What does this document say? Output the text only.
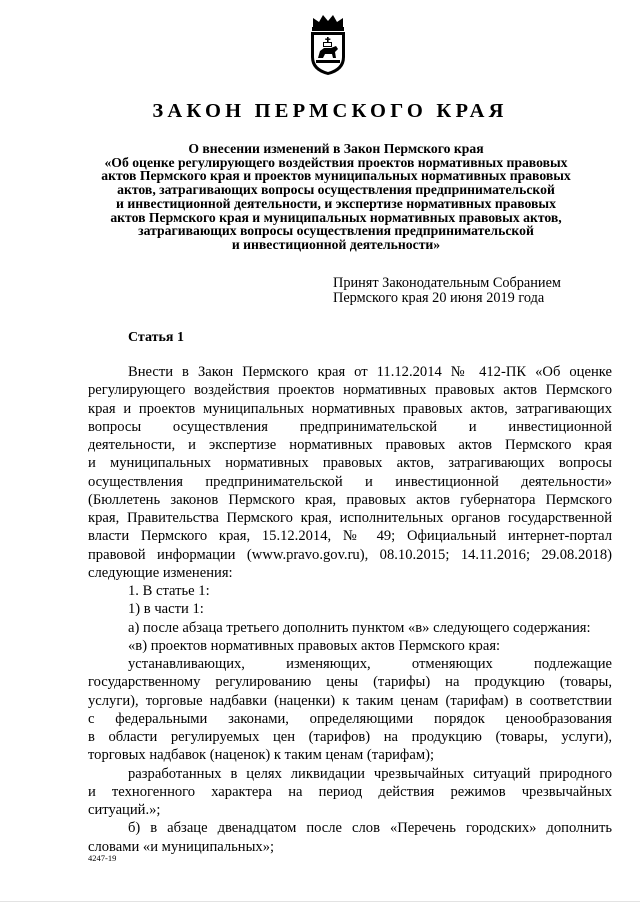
ЗАКОН ПЕРМСКОГО КРАЯ
О внесении изменений в Закон Пермского края
«Об оценке регулирующего воздействия проектов нормативных правовых
актов Пермского края и проектов муниципальных нормативных правовых
актов, затрагивающих вопросы осуществления предпринимательской
и инвестиционной деятельности, и экспертизе нормативных правовых
актов Пермского края и муниципальных нормативных правовых актов,
затрагивающих вопросы осуществления предпринимательской
и инвестиционной деятельности»
Принят Законодательным Собранием
Пермского края 20 июня 2019 года
Статья 1
Внести в Закон Пермского края от 11.12.2014 № 412-ПК «Об оценке
регулирующего воздействия проектов нормативных правовых актов Пермского
края и проектов муниципальных нормативных правовых актов, затрагивающих
вопросы осуществления предпринимательской и инвестиционной
деятельности, и экспертизе нормативных правовых актов Пермского края
и муниципальных нормативных правовых актов, затрагивающих вопросы
осуществления предпринимательской и инвестиционной деятельности»
(Бюллетень законов Пермского края, правовых актов губернатора Пермского
края, Правительства Пермского края, исполнительных органов государственной
власти Пермского края, 15.12.2014, № 49; Официальный интернет-портал
правовой информации (www.pravo.gov.ru), 08.10.2015; 14.11.2016; 29.08.2018)
следующие изменения:
1. В статье 1:
1) в части 1:
а) после абзаца третьего дополнить пунктом «в» следующего содержания:
«в) проектов нормативных правовых актов Пермского края:
устанавливающих, изменяющих, отменяющих подлежащие
государственному регулированию цены (тарифы) на продукцию (товары,
услуги), торговые надбавки (наценки) к таким ценам (тарифам) в соответствии
с федеральными законами, определяющими порядок ценообразования
в области регулируемых цен (тарифов) на продукцию (товары, услуги),
торговых надбавок (наценок) к таким ценам (тарифам);
разработанных в целях ликвидации чрезвычайных ситуаций природного
и техногенного характера на период действия режимов чрезвычайных
ситуаций.»;
б) в абзаце двенадцатом после слов «Перечень городских» дополнить
словами «и муниципальных»;
4247-19
